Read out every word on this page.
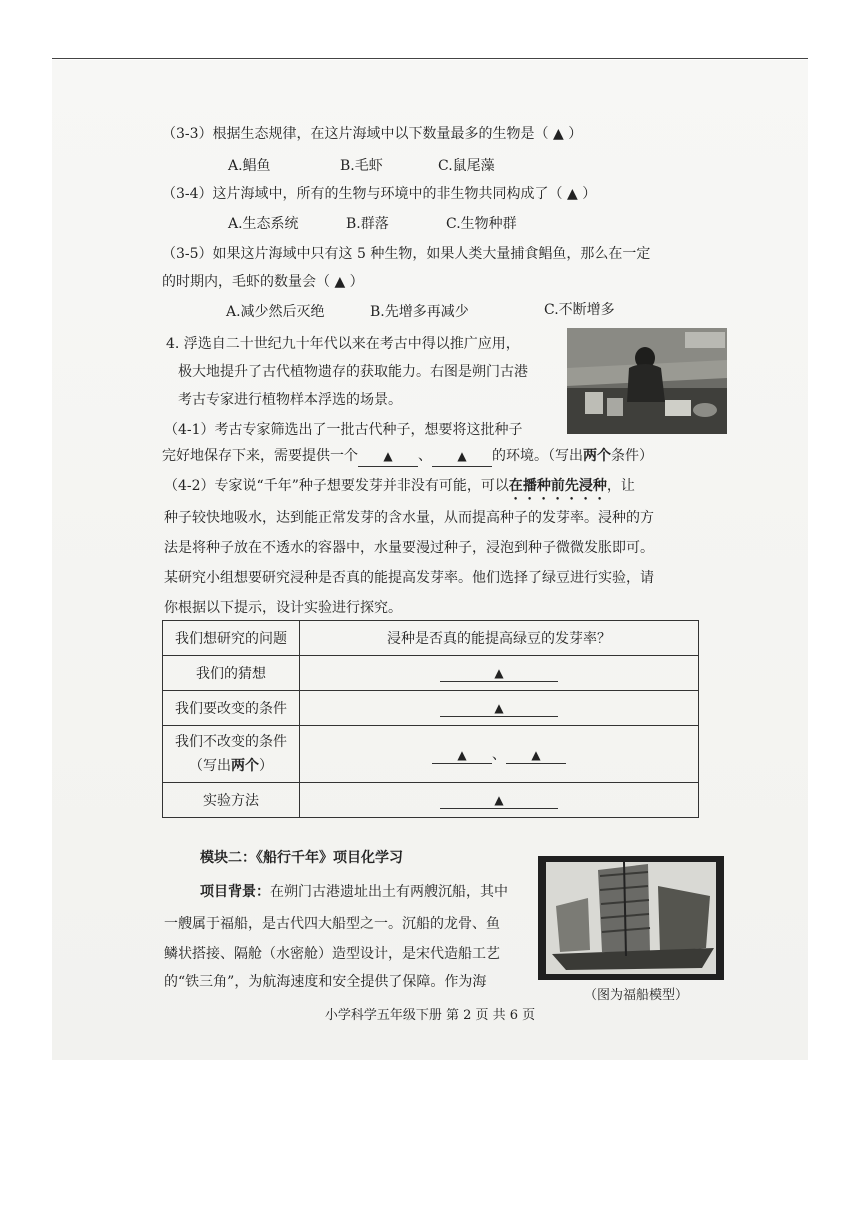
（3-3）根据生态规律，在这片海域中以下数量最多的生物是（ ▲ ）
A.鲳鱼	B.毛虾	C.鼠尾藻
（3-4）这片海域中，所有的生物与环境中的非生物共同构成了（ ▲ ）
A.生态系统	B.群落	C.生物种群
（3-5）如果这片海域中只有这 5 种生物，如果人类大量捕食鲳鱼，那么在一定
的时期内，毛虾的数量会（ ▲ ）
A.减少然后灭绝	B.先增多再减少	C.不断增多
4. 浮选自二十世纪九十年代以来在考古中得以推广应用，
极大地提升了古代植物遗存的获取能力。右图是朔门古港
考古专家进行植物样本浮选的场景。
（4-1）考古专家筛选出了一批古代种子，想要将这批种子
完好地保存下来，需要提供一个 ▲ 、 ▲ 的环境。（写出两个条件）
（4-2）专家说“千年”种子想要发芽并非没有可能，可以在播种前先浸种，让
种子较快地吸水，达到能正常发芽的含水量，从而提高种子的发芽率。浸种的方
法是将种子放在不透水的容器中，水量要漫过种子，浸泡到种子微微发胀即可。
某研究小组想要研究浸种是否真的能提高发芽率。他们选择了绿豆进行实验，请
你根据以下提示，设计实验进行探究。
我们想研究的问题	浸种是否真的能提高绿豆的发芽率？
我们的猜想	▲
我们要改变的条件	▲
我们不改变的条件
（写出两个）	▲ 、 ▲
实验方法	▲
模块二：《船行千年》项目化学习
项目背景：在朔门古港遗址出土有两艘沉船，其中
一艘属于福船，是古代四大船型之一。沉船的龙骨、鱼
鳞状搭接、隔舱（水密舱）造型设计，是宋代造船工艺
的“铁三角”，为航海速度和安全提供了保障。作为海
（图为福船模型）
小学科学五年级下册 第 2 页 共 6 页
